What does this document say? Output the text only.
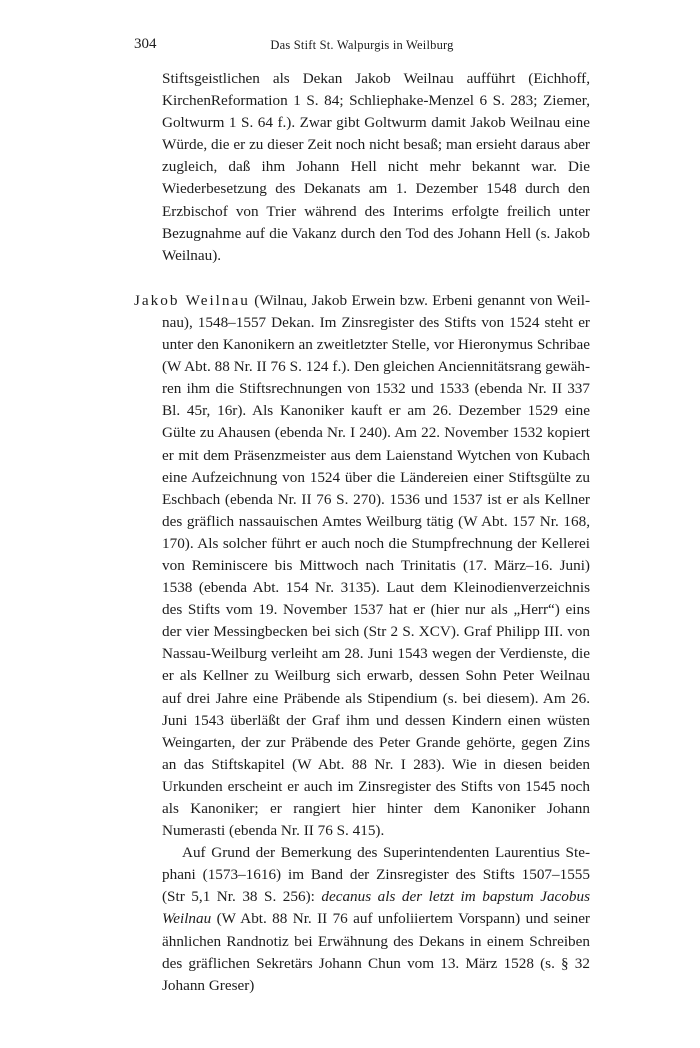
304	Das Stift St. Walpurgis in Weilburg

Stiftsgeistlichen als Dekan Jakob Weilnau aufführt (Eichhoff, KirchenReformation 1 S. 84; Schliephake-Menzel 6 S. 283; Ziemer, Goltwurm 1 S. 64 f.). Zwar gibt Goltwurm damit Jakob Weilnau eine Würde, die er zu dieser Zeit noch nicht besaß; man ersieht daraus aber zugleich, daß ihm Johann Hell nicht mehr bekannt war. Die Wiederbesetzung des Dekanats am 1. Dezember 1548 durch den Erzbischof von Trier während des Interims erfolgte freilich unter Bezugnahme auf die Vakanz durch den Tod des Johann Hell (s. Jakob Weilnau).

Jakob Weilnau (Wilnau, Jakob Erwein bzw. Erbeni genannt von Weilnau), 1548–1557 Dekan. Im Zinsregister des Stifts von 1524 steht er unter den Kanonikern an zweitletzter Stelle, vor Hieronymus Schribae (W Abt. 88 Nr. II 76 S. 124 f.). Den gleichen Anciennitätsrang gewähren ihm die Stiftsrechnungen von 1532 und 1533 (ebenda Nr. II 337 Bl. 45r, 16r). Als Kanoniker kauft er am 26. Dezember 1529 eine Gülte zu Ahausen (ebenda Nr. I 240). Am 22. November 1532 kopiert er mit dem Präsenzmeister aus dem Laienstand Wytchen von Kubach eine Aufzeichnung von 1524 über die Ländereien einer Stiftsgülte zu Eschbach (ebenda Nr. II 76 S. 270). 1536 und 1537 ist er als Kellner des gräflich nassauischen Amtes Weilburg tätig (W Abt. 157 Nr. 168, 170). Als solcher führt er auch noch die Stumpfrechnung der Kellerei von Reminiscere bis Mittwoch nach Trinitatis (17. März–16. Juni) 1538 (ebenda Abt. 154 Nr. 3135). Laut dem Kleinodienverzeichnis des Stifts vom 19. November 1537 hat er (hier nur als „Herr“) eins der vier Messingbecken bei sich (Str 2 S. XCV). Graf Philipp III. von Nassau-Weilburg verleiht am 28. Juni 1543 wegen der Verdienste, die er als Kellner zu Weilburg sich erwarb, dessen Sohn Peter Weilnau auf drei Jahre eine Präbende als Stipendium (s. bei diesem). Am 26. Juni 1543 überläßt der Graf ihm und dessen Kindern einen wüsten Weingarten, der zur Präbende des Peter Grande gehörte, gegen Zins an das Stiftskapitel (W Abt. 88 Nr. I 283). Wie in diesen beiden Urkunden erscheint er auch im Zinsregister des Stifts von 1545 noch als Kanoniker; er rangiert hier hinter dem Kanoniker Johann Numerasti (ebenda Nr. II 76 S. 415).

Auf Grund der Bemerkung des Superintendenten Laurentius Stephani (1573–1616) im Band der Zinsregister des Stifts 1507–1555 (Str 5,1 Nr. 38 S. 256): decanus als der letzt im bapstum Jacobus Weilnau (W Abt. 88 Nr. II 76 auf unfoliiertem Vorspann) und seiner ähnlichen Randnotiz bei Erwähnung des Dekans in einem Schreiben des gräflichen Sekretärs Johann Chun vom 13. März 1528 (s. § 32 Johann Greser)
